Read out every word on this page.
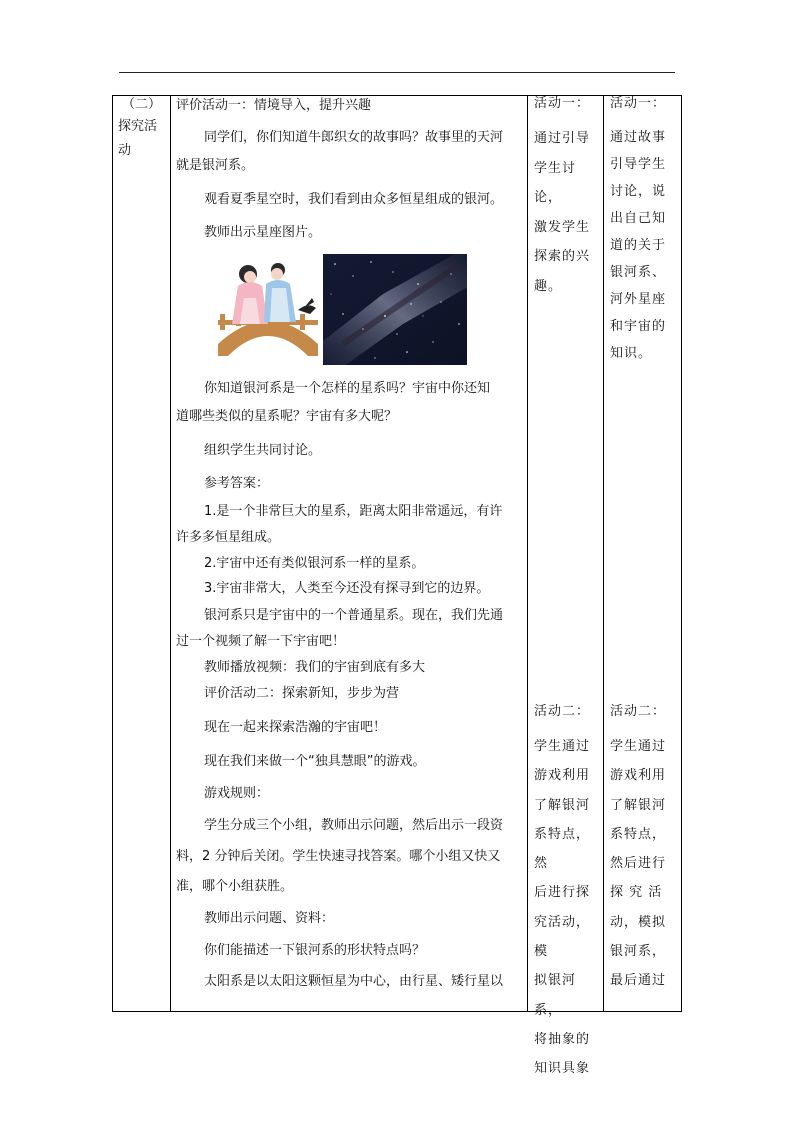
（二）
探究活
动

评价活动一：情境导入，提升兴趣

同学们，你们知道牛郎织女的故事吗？故事里的天河

就是银河系。

观看夏季星空时，我们看到由众多恒星组成的银河。

教师出示星座图片。

你知道银河系是一个怎样的星系吗？宇宙中你还知

道哪些类似的星系呢？宇宙有多大呢？

组织学生共同讨论。

参考答案：

1.是一个非常巨大的星系，距离太阳非常遥远，有许

许多多恒星组成。

2.宇宙中还有类似银河系一样的星系。

3.宇宙非常大，人类至今还没有探寻到它的边界。

银河系只是宇宙中的一个普通星系。现在，我们先通

过一个视频了解一下宇宙吧！

教师播放视频：我们的宇宙到底有多大

评价活动二：探索新知，步步为营

现在一起来探索浩瀚的宇宙吧！

现在我们来做一个“独具慧眼”的游戏。

游戏规则：

学生分成三个小组，教师出示问题，然后出示一段资

料，2 分钟后关闭。学生快速寻找答案。哪个小组又快又

准，哪个小组获胜。

教师出示问题、资料：

你们能描述一下银河系的形状特点吗？

太阳系是以太阳这颗恒星为中心，由行星、矮行星以

活动一：

通过引导

学生讨论，

激发学生

探索的兴

趣。

活动二：

学生通过

游戏利用

了解银河

系特点，然

后进行探

究活动，模

拟银河系，

将抽象的

知识具象

活动一：

通过故事

引导学生

讨论，说

出自己知

道的关于

银河系、

河外星座

和宇宙的

知识。

活动二：

学生通过

游戏利用

了解银河

系特点，

然后进行

探 究 活

动，模拟

银河系，

最后通过
